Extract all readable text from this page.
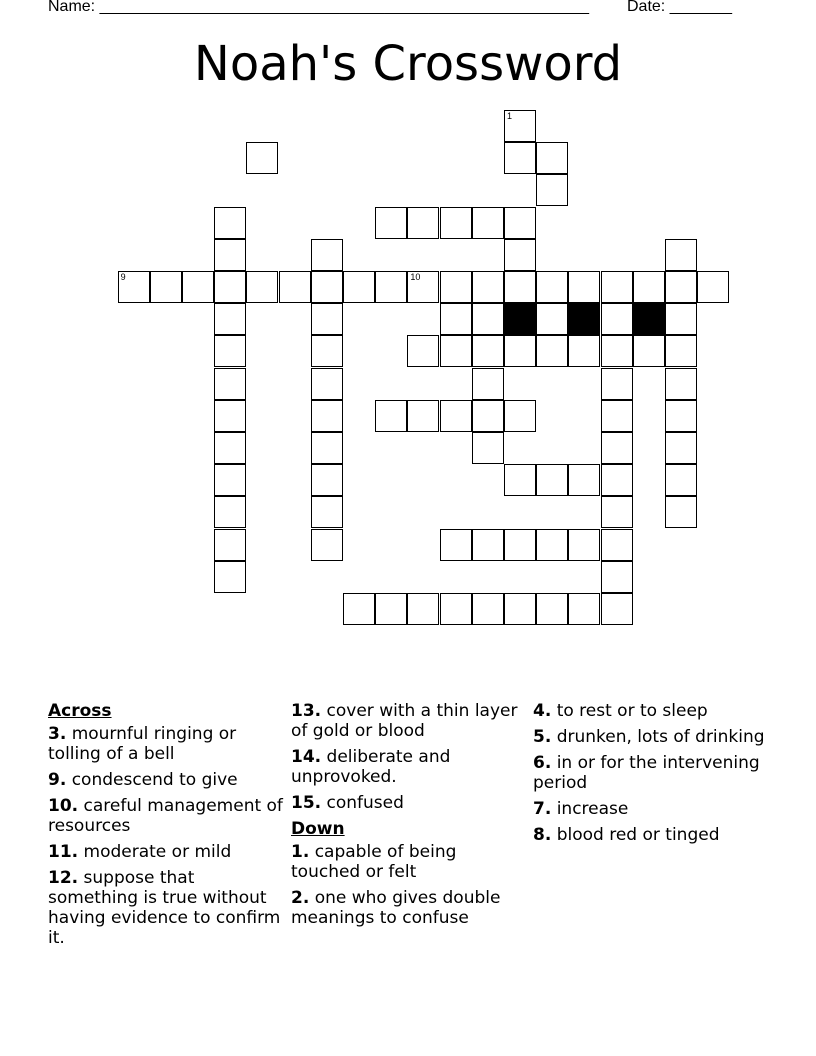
Name: _______________________________________________________ Date: _______
Noah's Crossword
1
9	10
Across
3. mournful ringing or tolling of a bell
9. condescend to give
10. careful management of resources
11. moderate or mild
12. suppose that something is true without having evidence to confirm it.
13. cover with a thin layer of gold or blood
14. deliberate and unprovoked.
15. confused
Down
1. capable of being touched or felt
2. one who gives double meanings to confuse
4. to rest or to sleep
5. drunken, lots of drinking
6. in or for the intervening period
7. increase
8. blood red or tinged
